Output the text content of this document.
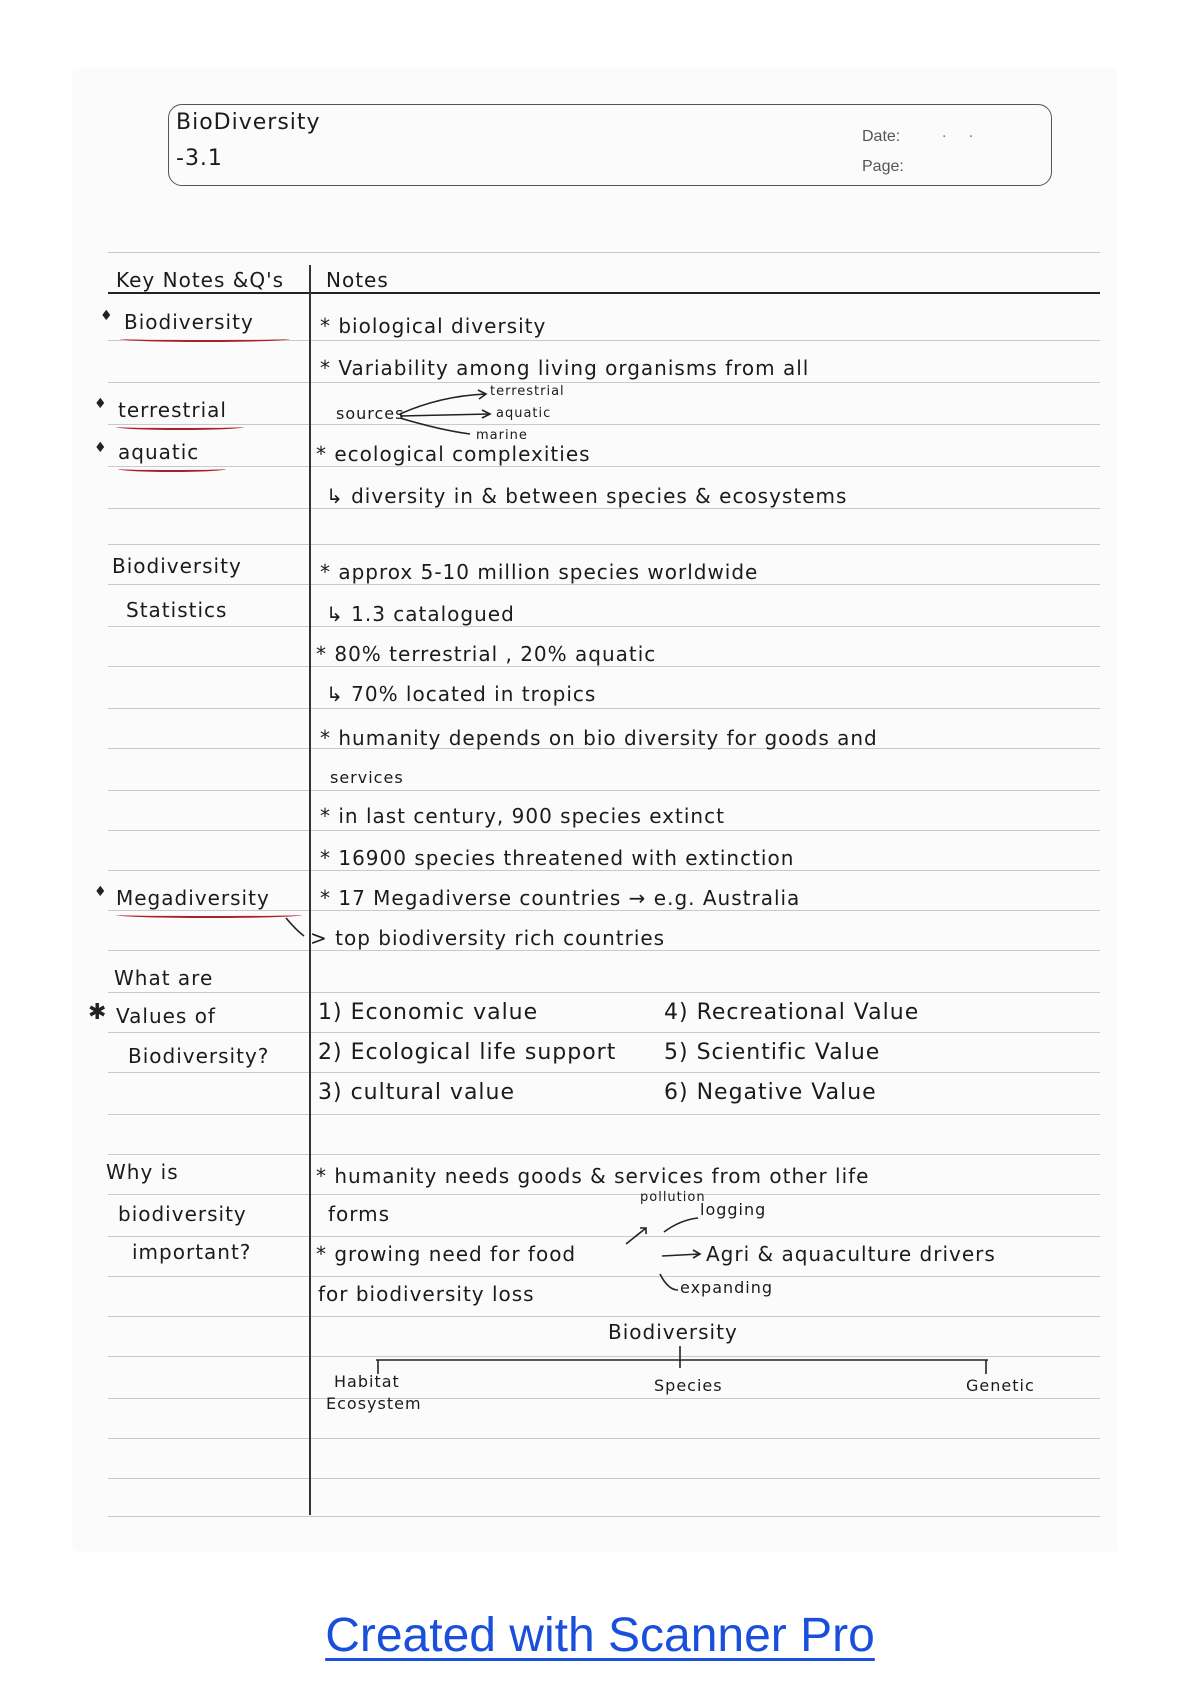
BioDiversity
-3.1
Date:
Page:
.     .
Key Notes &Q's Notes
♦ Biodiversity
♦ terrestrial
♦ aquatic
Biodiversity
Statistics
♦ Megadiversity
What are
✱ Values of
Biodiversity?
Why is
biodiversity
important?
* biological diversity
* Variability among living organisms from all
sources
terrestrial
aquatic
marine
* ecological complexities
↳ diversity in & between species & ecosystems
* approx 5-10 million species worldwide
↳ 1.3 catalogued
* 80% terrestrial , 20% aquatic
↳ 70% located in tropics
* humanity depends on bio diversity for goods and
services
* in last century, 900 species extinct
* 16900 species threatened with extinction
* 17 Megadiverse countries → e.g. Australia
> top biodiversity rich countries
1) Economic value
2) Ecological life support
3) cultural value
4) Recreational Value
5) Scientific Value
6) Negative Value
* humanity needs goods & services from other life
forms
* growing need for food	Agri & aquaculture drivers
for biodiversity loss
pollution
logging
expanding
Biodiversity
Habitat
Ecosystem
Species	Genetic
Created with Scanner Pro
